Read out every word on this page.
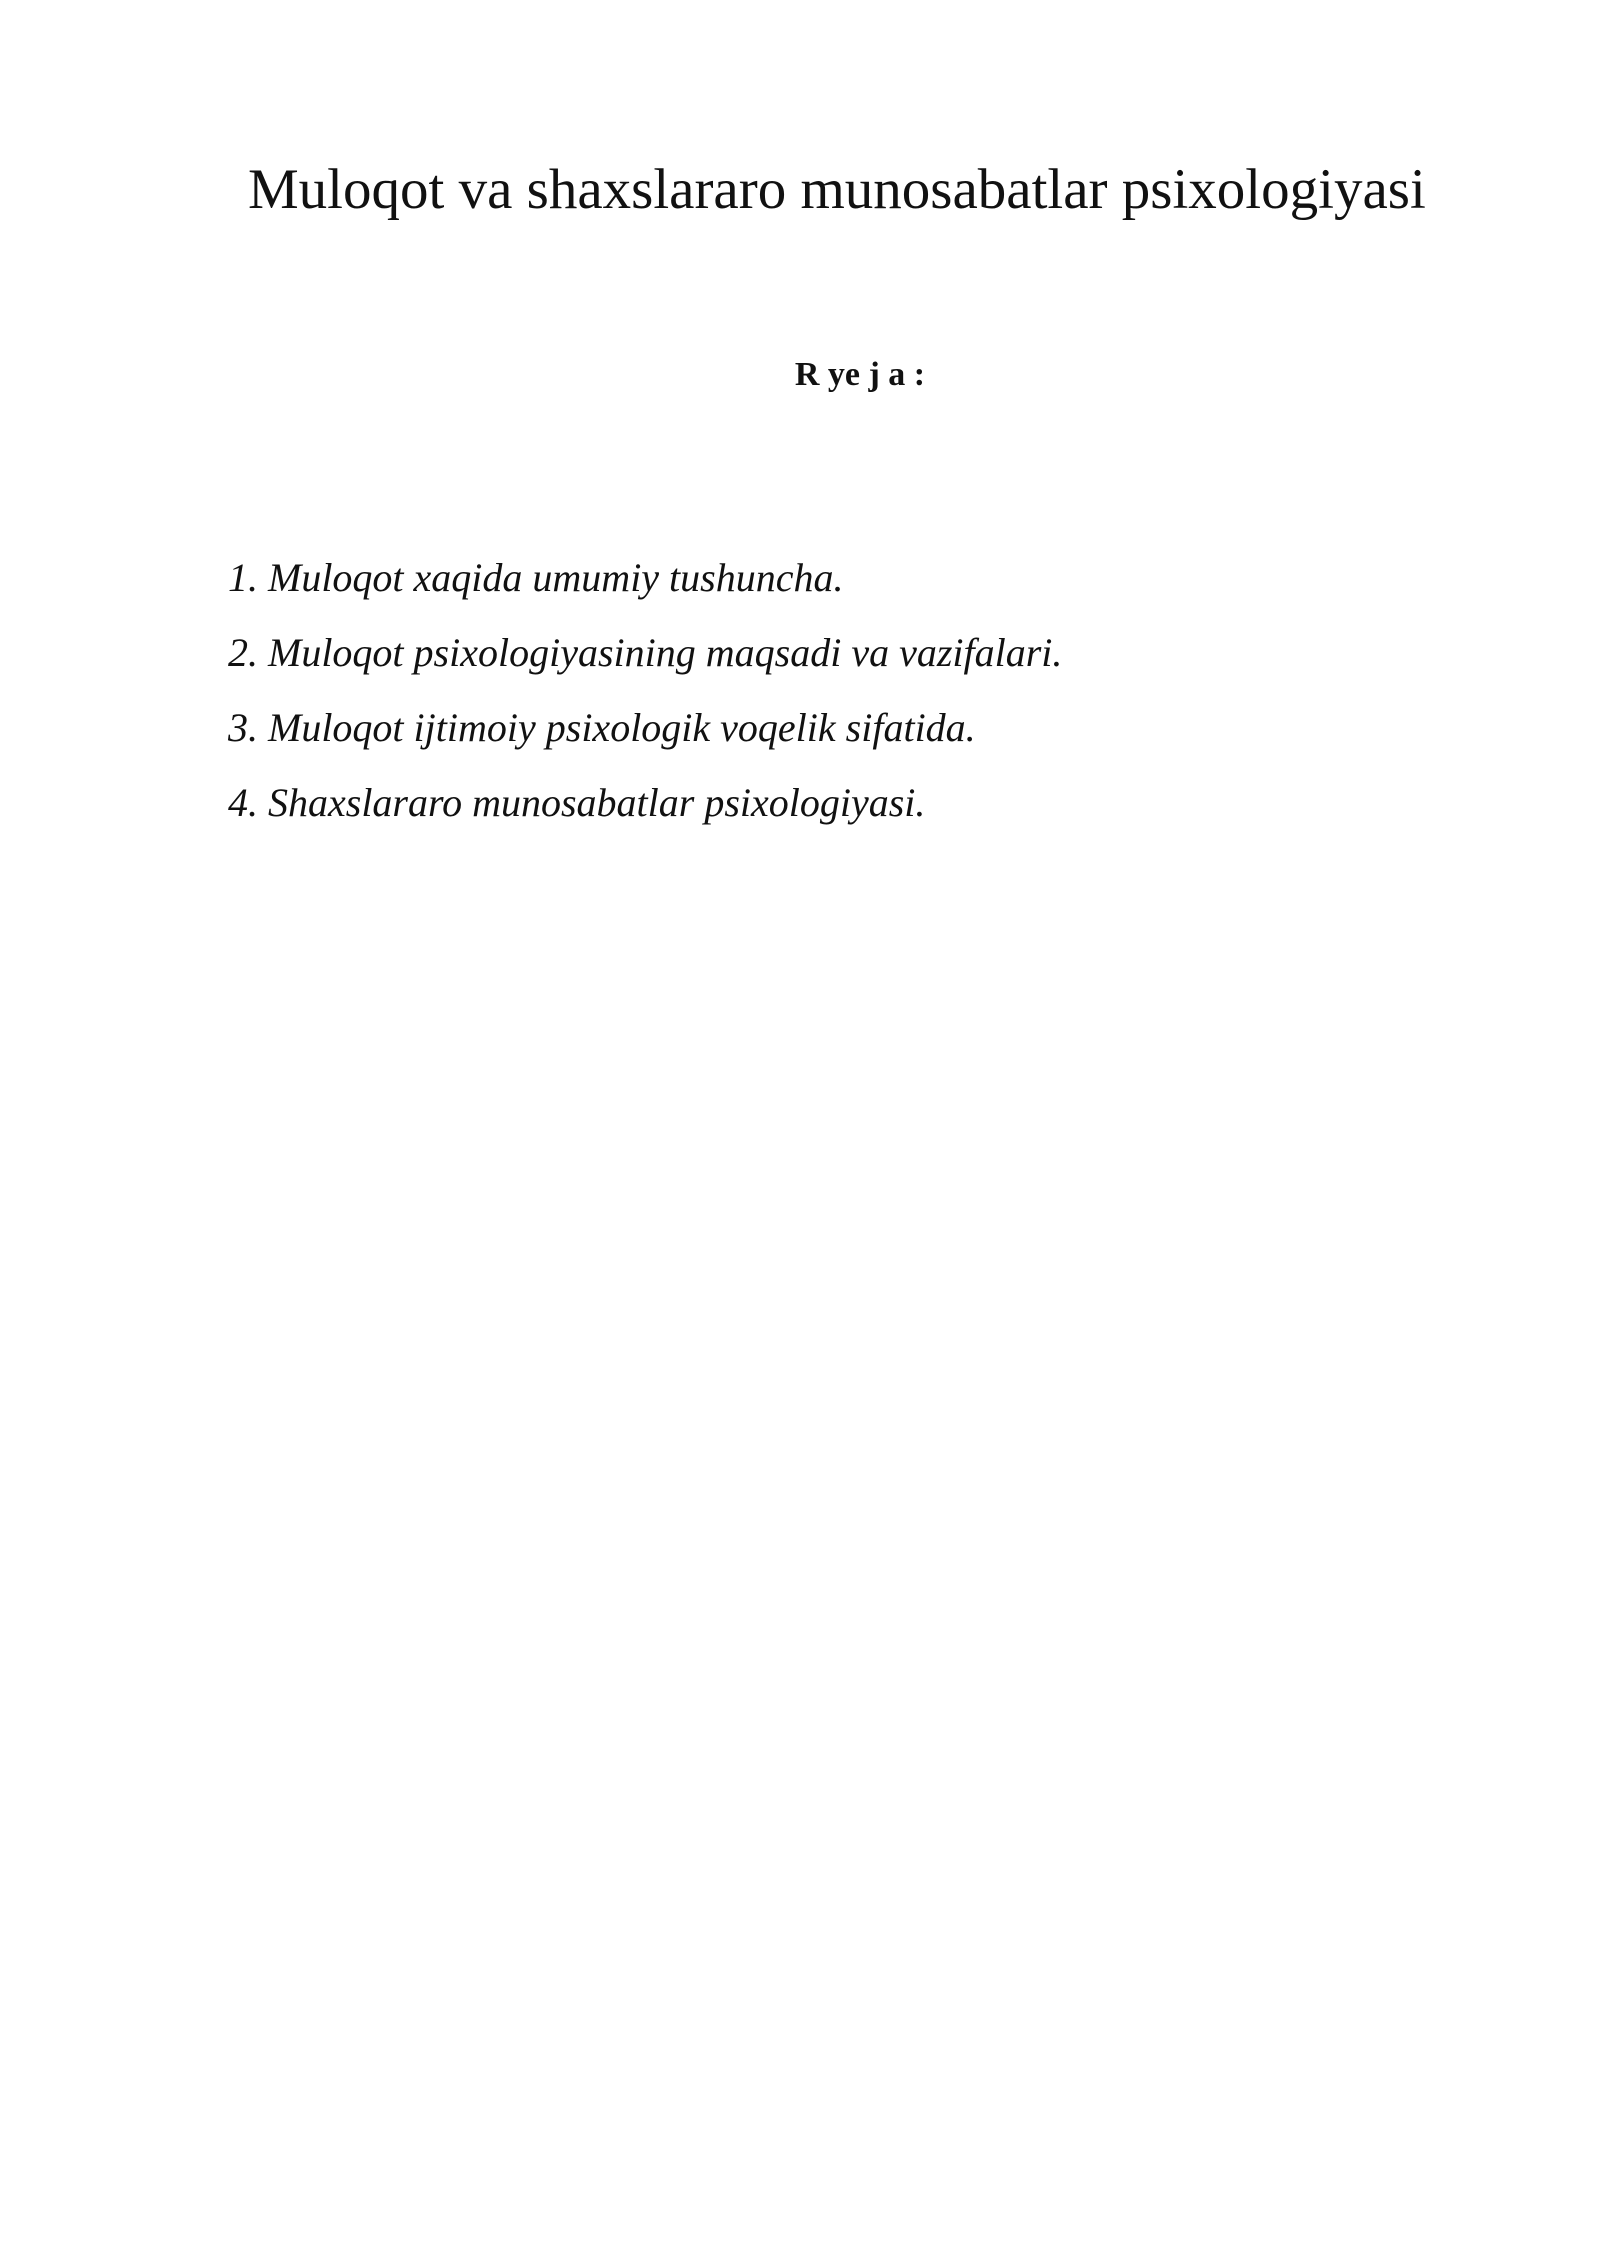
Muloqot va shaxslararo munosabatlar psixologiyasi
R ye j a :
1. Muloqot xaqida umumiy tushuncha.
2. Muloqot psixologiyasining maqsadi va vazifalari.
3. Muloqot ijtimoiy psixologik voqelik sifatida.
4. Shaxslararo munosabatlar psixologiyasi.
